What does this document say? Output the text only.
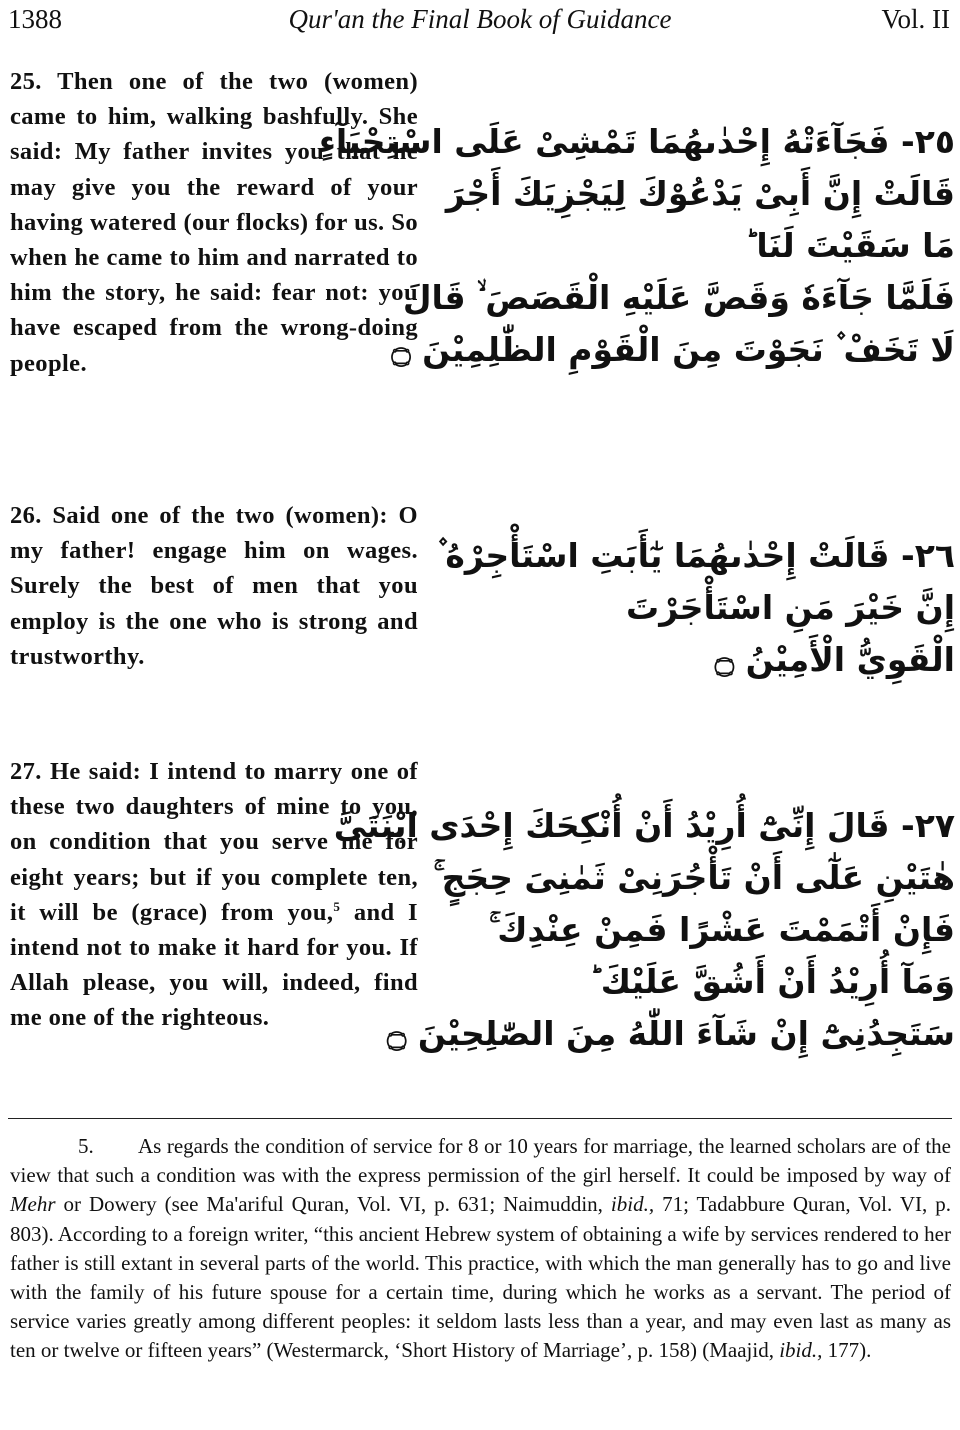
1388	Qur'an the Final Book of Guidance	Vol. II
25. Then one of the two (women) came to him, walking bashfully. She said: My father invites you that he may give you the reward of your having watered (our flocks) for us. So when he came to him and narrated to him the story, he said: fear not: you have escaped from the wrong-doing people.
٢٥- فَجَآءَتْهُ إِحْدٰىهُمَا تَمْشِىْ عَلَى اسْتِحْيَآءٍ
قَالَتْ إِنَّ أَبِىْ يَدْعُوْكَ لِيَجْزِيَكَ أَجْرَ
مَا سَقَيْتَ لَنَا ؕ
فَلَمَّا جَآءَهٗ وَقَصَّ عَلَيْهِ الْقَصَصَ ۙ قَالَ
لَا تَخَفْ ۫ نَجَوْتَ مِنَ الْقَوْمِ الظّٰلِمِيْنَ ۝
26. Said one of the two (women): O my father! engage him on wages. Surely the best of men that you employ is the one who is strong and trustworthy.
٢٦- قَالَتْ إِحْدٰىهُمَا يٰٓأَبَتِ اسْتَأْجِرْهُ ۫
إِنَّ خَيْرَ مَنِ اسْتَأْجَرْتَ
الْقَوِيُّ الْأَمِيْنُ ۝
27. He said: I intend to marry one of these two daughters of mine to you, on condition that you serve me for eight years; but if you complete ten, it will be (grace) from you,$^5$ and I intend not to make it hard for you. If Allah please, you will, indeed, find me one of the righteous.
٢٧- قَالَ إِنِّىْٓ أُرِيْدُ أَنْ أُنْكِحَكَ إِحْدَى ابْنَتَىَّ
هٰتَيْنِ عَلٰٓى أَنْ تَأْجُرَنِىْ ثَمٰنِىَ حِجَجٍ ۚ
فَإِنْ أَتْمَمْتَ عَشْرًا فَمِنْ عِنْدِكَ ۚ
وَمَآ أُرِيْدُ أَنْ أَشُقَّ عَلَيْكَ ؕ
سَتَجِدُنِىْٓ إِنْ شَآءَ اللّٰهُ مِنَ الصّٰلِحِيْنَ ۝
5. As regards the condition of service for 8 or 10 years for marriage, the learned scholars are of the view that such a condition was with the express permission of the girl herself. It could be imposed by way of Mehr or Dowery (see Ma'ariful Quran, Vol. VI, p. 631; Naimuddin, ibid., 71; Tadabbure Quran, Vol. VI, p. 803). According to a foreign writer, “this ancient Hebrew system of obtaining a wife by services rendered to her father is still extant in several parts of the world. This practice, with which the man generally has to go and live with the family of his future spouse for a certain time, during which he works as a servant. The period of service varies greatly among different peoples: it seldom lasts less than a year, and may even last as many as ten or twelve or fifteen years” (Westermarck, ‘Short History of Marriage’, p. 158) (Maajid, ibid., 177).
